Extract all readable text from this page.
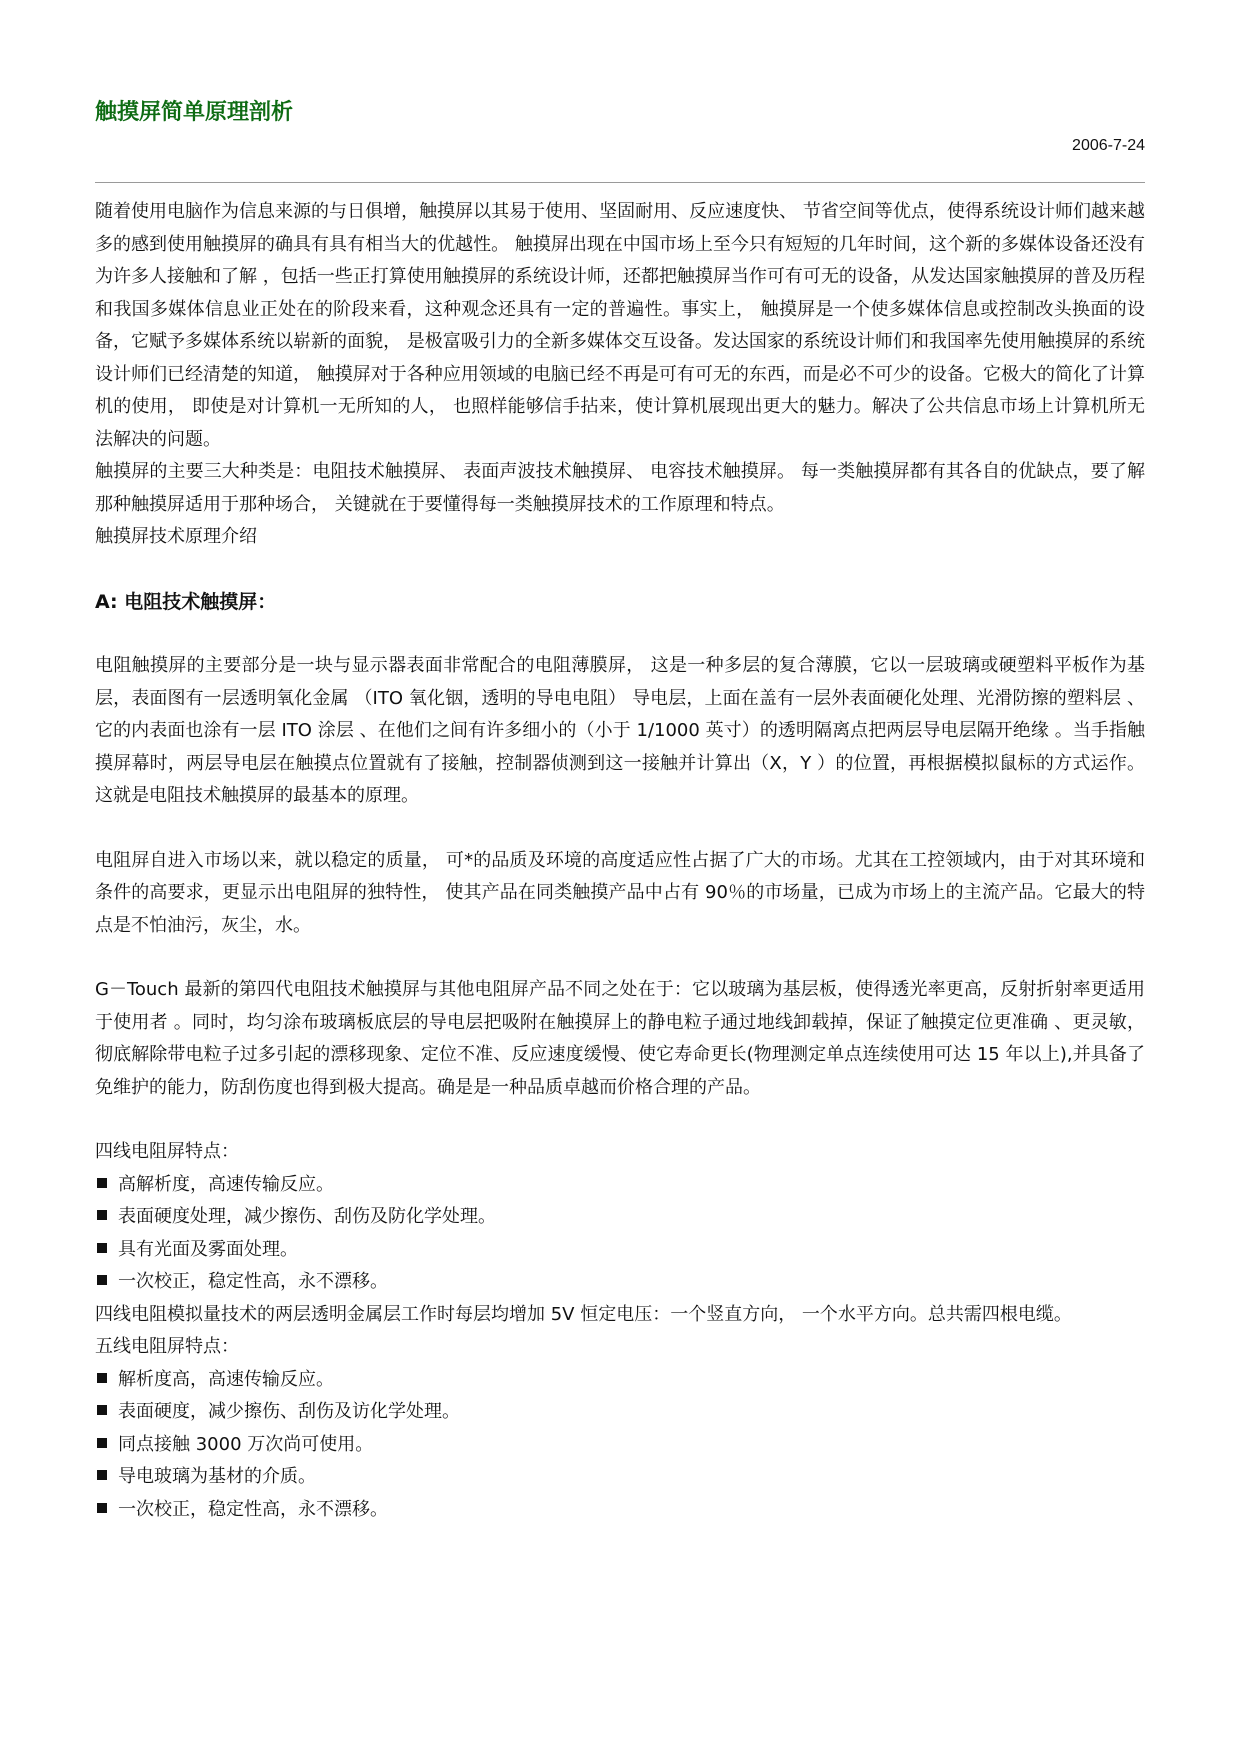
触摸屏简单原理剖析
2006-7-24

随着使用电脑作为信息来源的与日俱增，触摸屏以其易于使用、坚固耐用、反应速度快、 节省空间等优点，使得系统设计师们越来越多的感到使用触摸屏的确具有具有相当大的优越性。 触摸屏出现在中国市场上至今只有短短的几年时间，这个新的多媒体设备还没有为许多人接触和了解 ，包括一些正打算使用触摸屏的系统设计师，还都把触摸屏当作可有可无的设备，从发达国家触摸屏的普及历程和我国多媒体信息业正处在的阶段来看，这种观念还具有一定的普遍性。事实上， 触摸屏是一个使多媒体信息或控制改头换面的设备，它赋予多媒体系统以崭新的面貌， 是极富吸引力的全新多媒体交互设备。发达国家的系统设计师们和我国率先使用触摸屏的系统设计师们已经清楚的知道， 触摸屏对于各种应用领域的电脑已经不再是可有可无的东西，而是必不可少的设备。它极大的简化了计算机的使用， 即使是对计算机一无所知的人， 也照样能够信手拈来，使计算机展现出更大的魅力。解决了公共信息市场上计算机所无法解决的问题。

触摸屏的主要三大种类是：电阻技术触摸屏、 表面声波技术触摸屏、 电容技术触摸屏。 每一类触摸屏都有其各自的优缺点，要了解那种触摸屏适用于那种场合， 关键就在于要懂得每一类触摸屏技术的工作原理和特点。

触摸屏技术原理介绍

A: 电阻技术触摸屏：

电阻触摸屏的主要部分是一块与显示器表面非常配合的电阻薄膜屏， 这是一种多层的复合薄膜，它以一层玻璃或硬塑料平板作为基层，表面图有一层透明氧化金属 （ITO 氧化铟，透明的导电电阻） 导电层，上面在盖有一层外表面硬化处理、光滑防擦的塑料层 、它的内表面也涂有一层 ITO 涂层 、在他们之间有许多细小的（小于 1/1000 英寸）的透明隔离点把两层导电层隔开绝缘 。当手指触摸屏幕时，两层导电层在触摸点位置就有了接触，控制器侦测到这一接触并计算出（X，Y ）的位置，再根据模拟鼠标的方式运作。这就是电阻技术触摸屏的最基本的原理。

电阻屏自进入市场以来，就以稳定的质量， 可*的品质及环境的高度适应性占据了广大的市场。尤其在工控领域内，由于对其环境和条件的高要求，更显示出电阻屏的独特性， 使其产品在同类触摸产品中占有 90％的市场量，已成为市场上的主流产品。它最大的特点是不怕油污，灰尘，水。

G－Touch 最新的第四代电阻技术触摸屏与其他电阻屏产品不同之处在于：它以玻璃为基层板，使得透光率更高，反射折射率更适用于使用者 。同时，均匀涂布玻璃板底层的导电层把吸附在触摸屏上的静电粒子通过地线卸载掉，保证了触摸定位更准确 、更灵敏，彻底解除带电粒子过多引起的漂移现象、定位不准、反应速度缓慢、使它寿命更长(物理测定单点连续使用可达 15 年以上),并具备了免维护的能力，防刮伤度也得到极大提高。确是是一种品质卓越而价格合理的产品。

四线电阻屏特点：

高解析度，高速传输反应。

表面硬度处理，减少擦伤、刮伤及防化学处理。

具有光面及雾面处理。

一次校正，稳定性高，永不漂移。

四线电阻模拟量技术的两层透明金属层工作时每层均增加 5V 恒定电压：一个竖直方向， 一个水平方向。总共需四根电缆。

五线电阻屏特点：

解析度高，高速传输反应。

表面硬度，减少擦伤、刮伤及访化学处理。

同点接触 3000 万次尚可使用。

导电玻璃为基材的介质。

一次校正，稳定性高，永不漂移。
